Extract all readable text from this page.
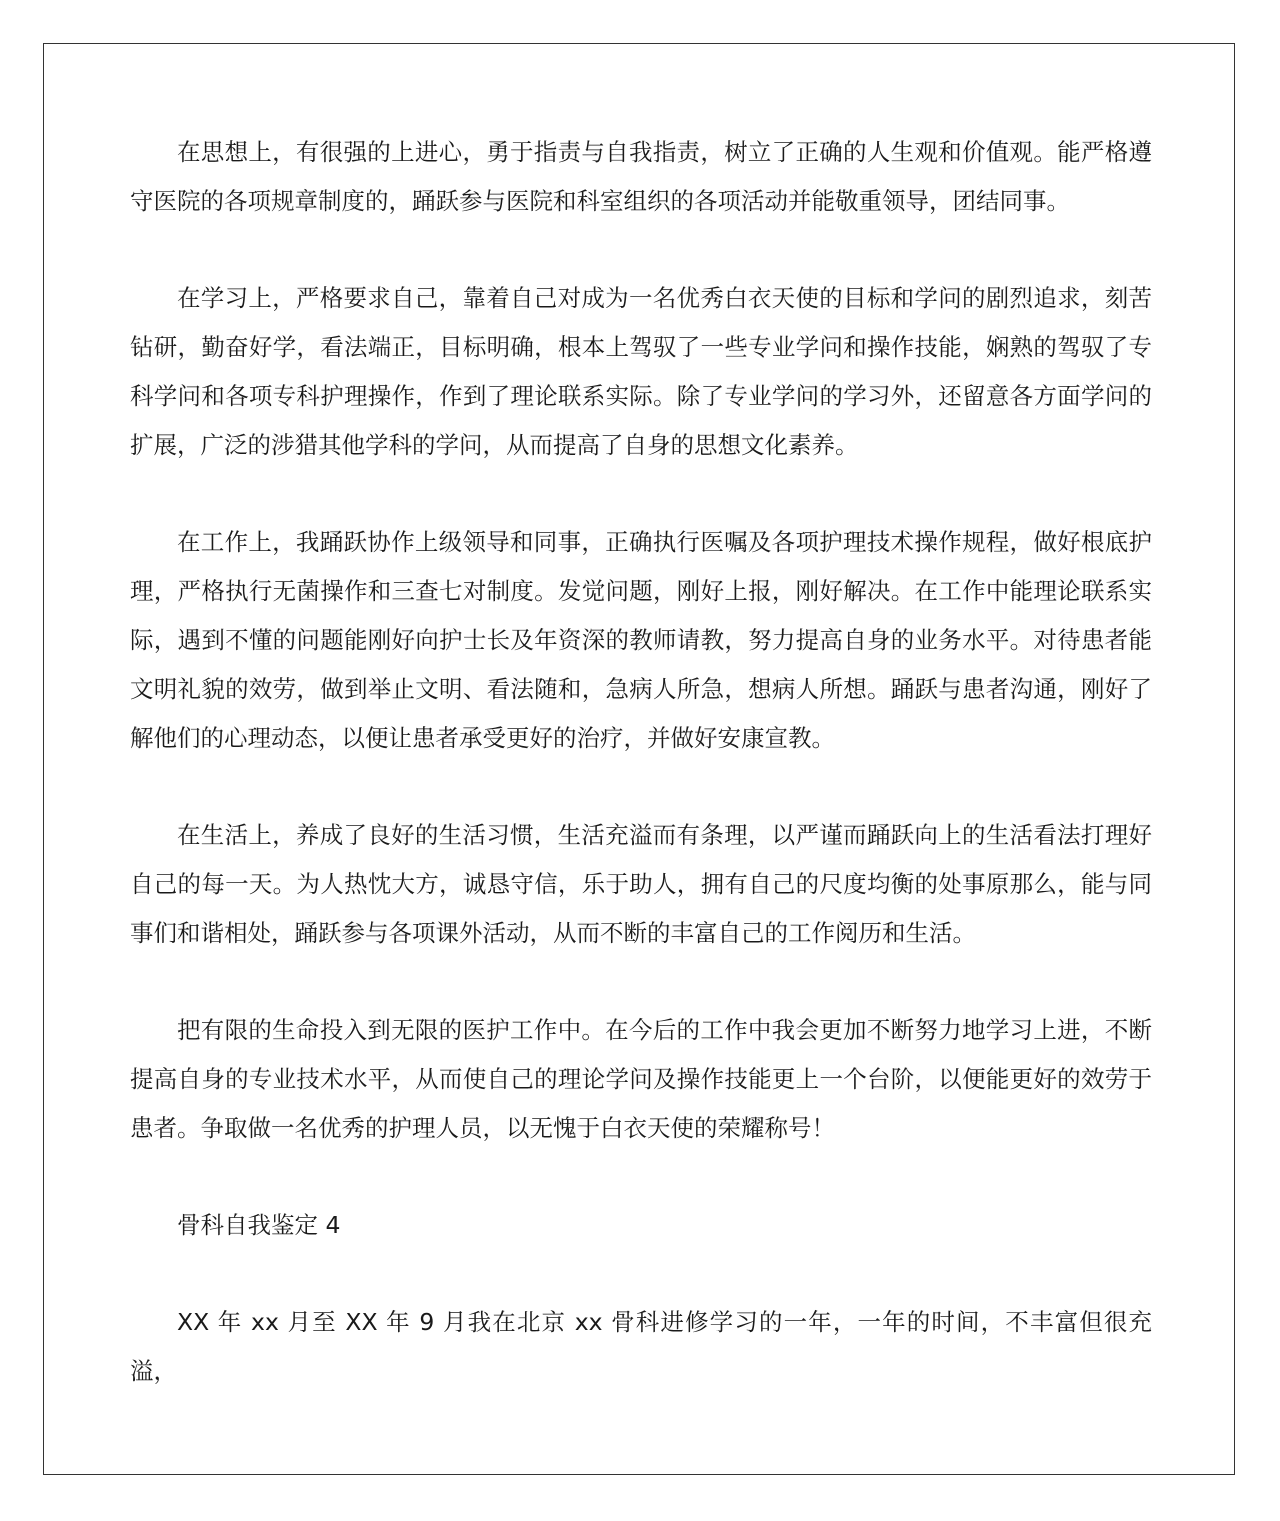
在思想上，有很强的上进心，勇于指责与自我指责，树立了正确的人生观和价值观。能严格遵守医院的各项规章制度的，踊跃参与医院和科室组织的各项活动并能敬重领导，团结同事。

在学习上，严格要求自己，靠着自己对成为一名优秀白衣天使的目标和学问的剧烈追求，刻苦钻研，勤奋好学，看法端正，目标明确，根本上驾驭了一些专业学问和操作技能，娴熟的驾驭了专科学问和各项专科护理操作，作到了理论联系实际。除了专业学问的学习外，还留意各方面学问的扩展，广泛的涉猎其他学科的学问，从而提高了自身的思想文化素养。

在工作上，我踊跃协作上级领导和同事，正确执行医嘱及各项护理技术操作规程，做好根底护理，严格执行无菌操作和三查七对制度。发觉问题，刚好上报，刚好解决。在工作中能理论联系实际，遇到不懂的问题能刚好向护士长及年资深的教师请教，努力提高自身的业务水平。对待患者能文明礼貌的效劳，做到举止文明、看法随和，急病人所急，想病人所想。踊跃与患者沟通，刚好了解他们的心理动态，以便让患者承受更好的治疗，并做好安康宣教。

在生活上，养成了良好的生活习惯，生活充溢而有条理，以严谨而踊跃向上的生活看法打理好自己的每一天。为人热忱大方，诚恳守信，乐于助人，拥有自己的尺度均衡的处事原那么，能与同事们和谐相处，踊跃参与各项课外活动，从而不断的丰富自己的工作阅历和生活。

把有限的生命投入到无限的医护工作中。在今后的工作中我会更加不断努力地学习上进，不断提高自身的专业技术水平，从而使自己的理论学问及操作技能更上一个台阶，以便能更好的效劳于患者。争取做一名优秀的护理人员，以无愧于白衣天使的荣耀称号！

骨科自我鉴定 4

XX 年 xx 月至 XX 年 9 月我在北京 xx 骨科进修学习的一年，一年的时间，不丰富但很充溢，
